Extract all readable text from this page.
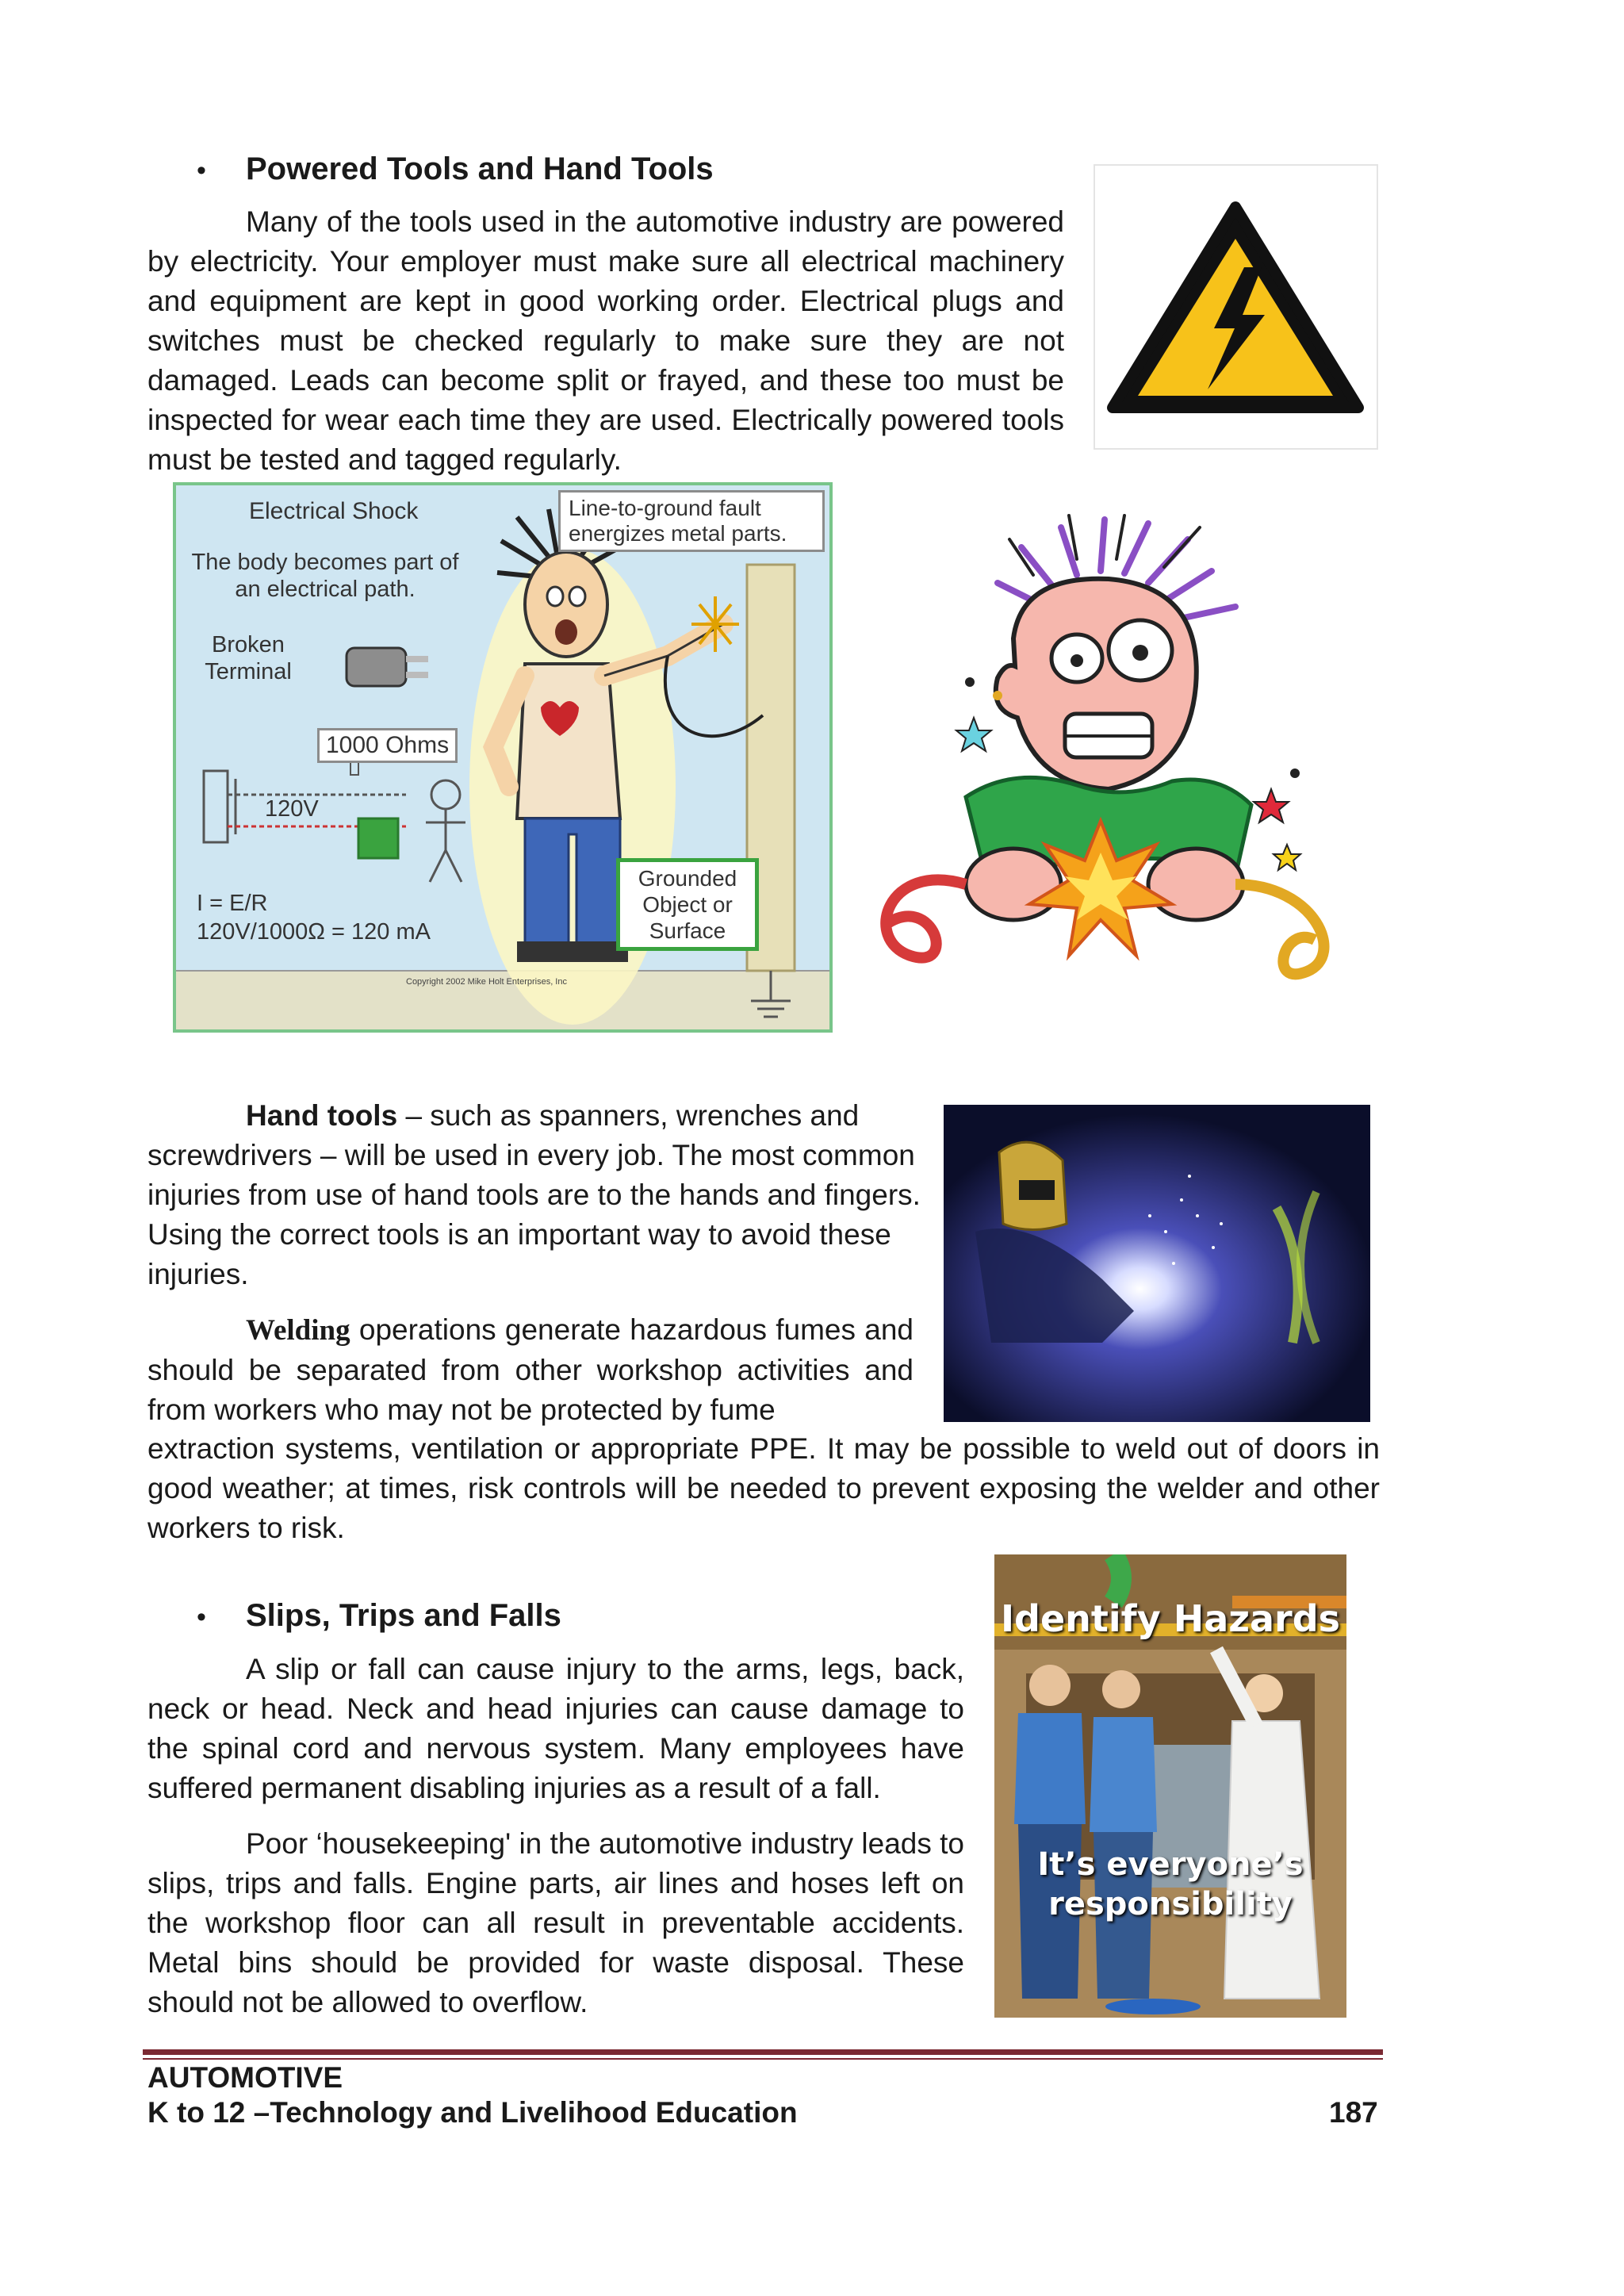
• Powered Tools and Hand Tools
Many of the tools used in the automotive industry are powered by electricity. Your employer must make sure all electrical machinery and equipment are kept in good working order. Electrical plugs and switches must be checked regularly to make sure they are not damaged. Leads can become split or frayed, and these too must be inspected for wear each time they are used. Electrically powered tools must be tested and tagged regularly.
Electrical Shock	Line-to-ground fault energizes metal parts.
The body becomes part of an electrical path.
Broken Terminal
1000 Ohms
120V
I = E/R
120V/1000Ω = 120 mA
Grounded Object or Surface
Copyright 2002 Mike Holt Enterprises, Inc
Hand tools – such as spanners, wrenches and screwdrivers – will be used in every job. The most common injuries from use of hand tools are to the hands and fingers. Using the correct tools is an important way to avoid these injuries.
Welding operations generate hazardous fumes and should be separated from other workshop activities and from workers who may not be protected by fume
extraction systems, ventilation or appropriate PPE. It may be possible to weld out of doors in good weather; at times, risk controls will be needed to prevent exposing the welder and other workers to risk.
• Slips, Trips and Falls
A slip or fall can cause injury to the arms, legs, back, neck or head. Neck and head injuries can cause damage to the spinal cord and nervous system. Many employees have suffered permanent disabling injuries as a result of a fall.
Poor ‘housekeeping' in the automotive industry leads to slips, trips and falls. Engine parts, air lines and hoses left on the workshop floor can all result in preventable accidents. Metal bins should be provided for waste disposal. These should not be allowed to overflow.
Identify Hazards
It’s everyone’s responsibility
AUTOMOTIVE
K to 12 –Technology and Livelihood Education	187
